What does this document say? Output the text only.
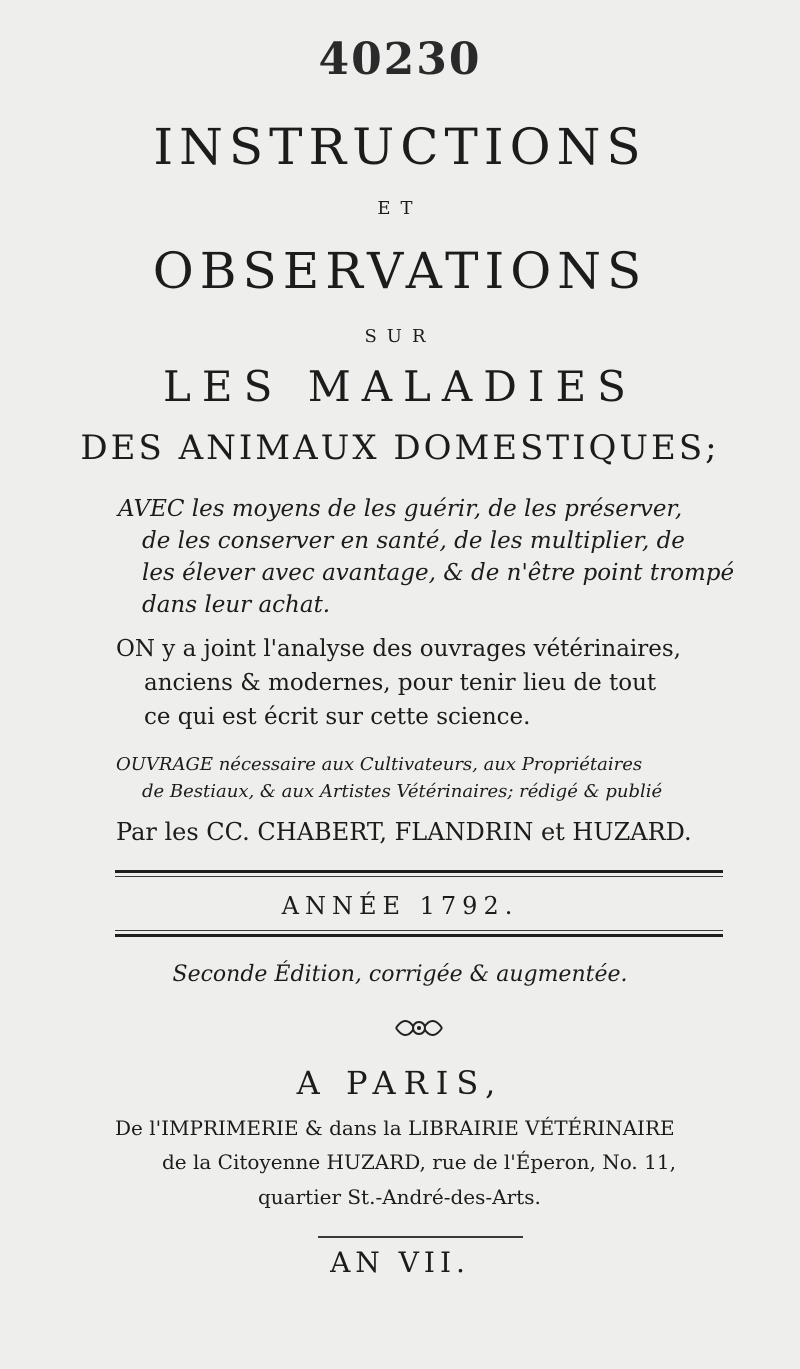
40230
INSTRUCTIONS
ET
OBSERVATIONS
SUR
LES MALADIES
DES ANIMAUX DOMESTIQUES;
AVEC les moyens de les guérir, de les préserver,
de les conserver en santé, de les multiplier, de
les élever avec avantage, & de n'être point trompé
dans leur achat.
ON y a joint l'analyse des ouvrages vétérinaires,
anciens & modernes, pour tenir lieu de tout
ce qui est écrit sur cette science.
OUVRAGE nécessaire aux Cultivateurs, aux Propriétaires
de Bestiaux, & aux Artistes Vétérinaires; rédigé & publié
Par les CC. CHABERT, FLANDRIN et HUZARD.
ANNÉE 1792.
Seconde Édition, corrigée & augmentée.
A PARIS,
De l'IMPRIMERIE & dans la LIBRAIRIE VÉTÉRINAIRE
de la Citoyenne HUZARD, rue de l'Éperon, No. 11,
quartier St.-André-des-Arts.
AN VII.
